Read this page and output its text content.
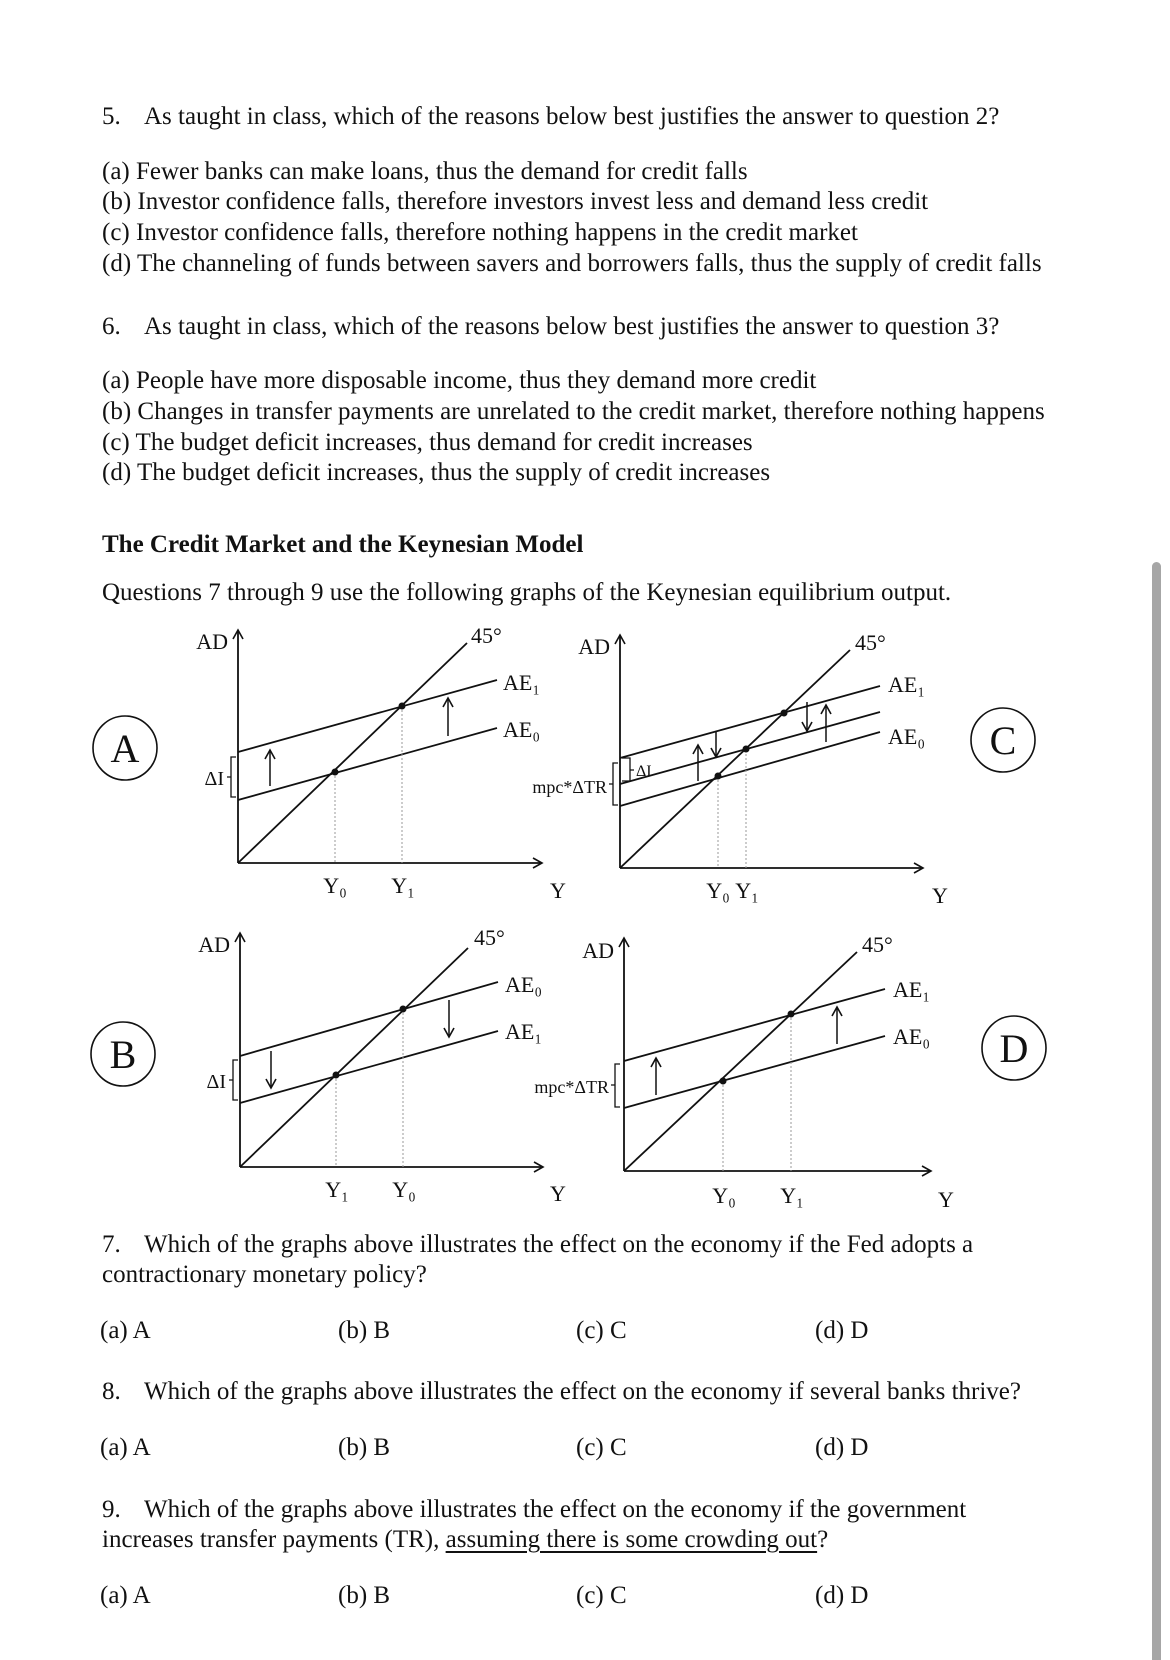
5. As taught in class, which of the reasons below best justifies the answer to question 2?
(a) Fewer banks can make loans, thus the demand for credit falls
(b) Investor confidence falls, therefore investors invest less and demand less credit
(c) Investor confidence falls, therefore nothing happens in the credit market
(d) The channeling of funds between savers and borrowers falls, thus the supply of credit falls
6. As taught in class, which of the reasons below best justifies the answer to question 3?
(a) People have more disposable income, thus they demand more credit
(b) Changes in transfer payments are unrelated to the credit market, therefore nothing happens
(c) The budget deficit increases, thus demand for credit increases
(d) The budget deficit increases, thus the supply of credit increases
The Credit Market and the Keynesian Model
Questions 7 through 9 use the following graphs of the Keynesian equilibrium output.
AD	45°
AE₁
AE₀
ΔI
Y₀ Y₁	Y
A
AD	45°
AE₁
AE₀
mpc*ΔTR
ΔI
Y₀ Y₁	Y
C
AD	45°
AE₀
AE₁
ΔI
Y₁ Y₀	Y
B
AD	45°
AE₁
AE₀
mpc*ΔTR
Y₀ Y₁	Y
D
7. Which of the graphs above illustrates the effect on the economy if the Fed adopts a
contractionary monetary policy?
(a) A	(b) B	(c) C	(d) D
8. Which of the graphs above illustrates the effect on the economy if several banks thrive?
(a) A	(b) B	(c) C	(d) D
9. Which of the graphs above illustrates the effect on the economy if the government
increases transfer payments (TR), assuming there is some crowding out?
(a) A	(b) B	(c) C	(d) D
